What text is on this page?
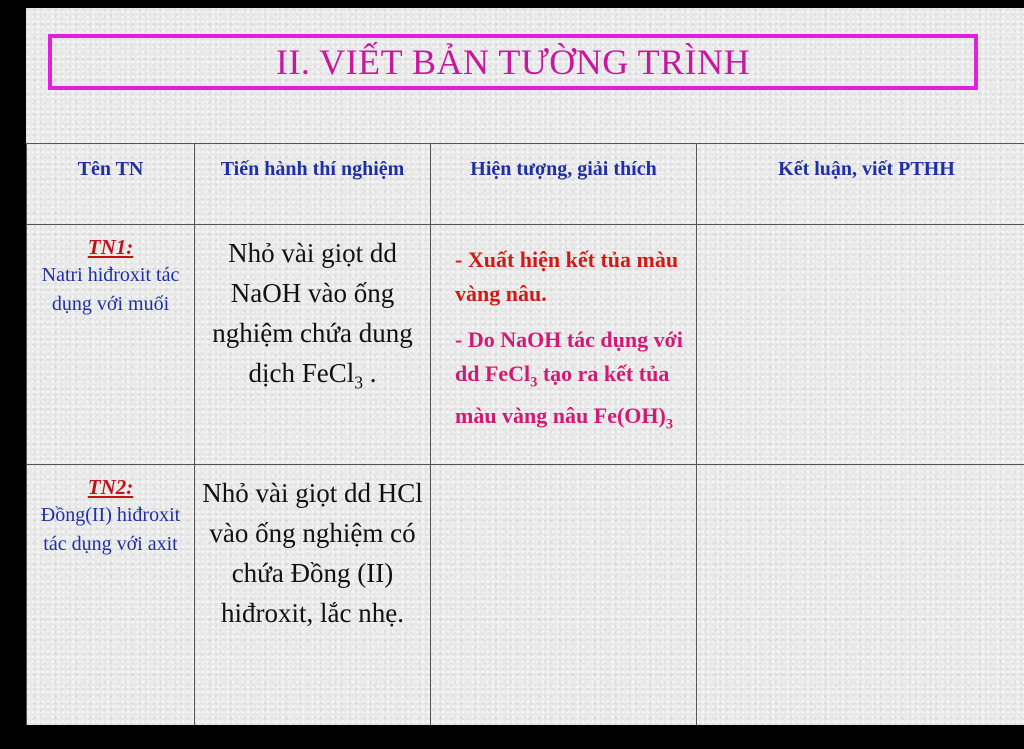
II. VIẾT BẢN TƯỜNG TRÌNH
Tên TN	Tiến hành thí nghiệm	Hiện tượng, giải thích	Kết luận, viết PTHH

TN1:
Natri hiđroxit tác dụng với muối	Nhỏ vài giọt dd NaOH vào ống nghiệm chứa dung dịch FeCl$_3$ .	- Xuất hiện kết tủa màu vàng nâu.
- Do NaOH tác dụng với dd FeCl$_3$ tạo ra kết tủa màu vàng nâu $Fe(OH)_3$

TN2:
Đồng(II) hiđroxit tác dụng với axit	Nhỏ vài giọt dd HCl vào ống nghiệm có chứa Đồng (II) hiđroxit, lắc nhẹ.		
